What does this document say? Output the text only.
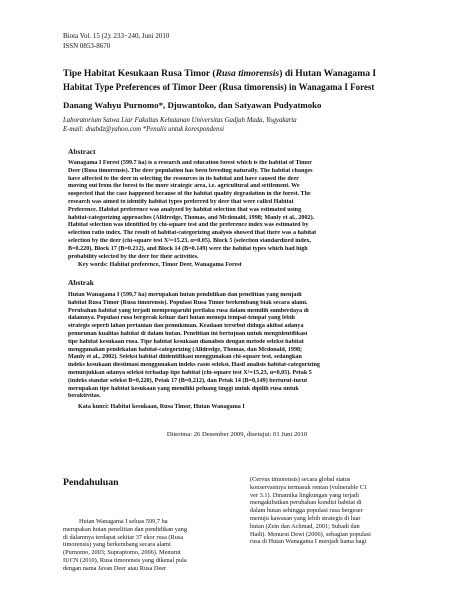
Biota Vol. 15 (2): 233−240, Juni 2010
ISSN 0853-8670
Tipe Habitat Kesukaan Rusa Timor (Rusa timorensis) di Hutan Wanagama I
Habitat Type Preferences of Timor Deer (Rusa timorensis) in Wanagama I Forest
Danang Wahyu Purnomo*, Djuwantoko, dan Satyawan Pudyatmoko
Laboratorium Satwa Liar Fakultas Kehutanan Universitas Gadjah Mada, Yogyakarta
E-mail: dnabdz@yahoo.com *Penulis untuk korespondensi
Abstract
Wanagama I Forest (599.7 ha) is a research and education forest which is the habitat of Timor
Deer (Rusa timorensis). The deer population has been breeding naturally. The habitat changes
have affected to the deer in selecting the resources in its habitat and have caused the deer
moving out from the forest to the more strategic area, i.e. agricultural and settlement. We
suspected that the case happened because of the habitat quality degradation in the forest. The
research was aimed to identify habitat types preferred by deer that were called Habitat
Preference. Habitat preference was analyzed by habitat selection that was estimated using
habitat-categorizing approaches (Alldredge, Thomas, and Mcdonald, 1998; Manly et al., 2002).
Habitat selection was identified by chi-square test and the preference index was estimated by
selection ratio index. The result of habitat-categorizing analysis showed that there was a habitat
selection by the deer (chi-square test X²=15.23, α=0.05). Block 5 (selection standardized index,
B=0.220), Block 17 (B=0.212), and Block 14 (B=0.149) were the habitat types which had high
probability selected by the deer for their activities.
Key words: Habitat preference, Timor Deer, Wanagama Forest
Abstrak
Hutan Wanagama I (599,7 ha) merupakan hutan pendidikan dan penelitian yang menjadi
habitat Rusa Timor (Rusa timorensis). Populasi Rusa Timor berkembang biak secara alami.
Perubahan habitat yang terjadi mempengaruhi perilaku rusa dalam memilih sumberdaya di
dalamnya. Populasi rusa bergerak keluar dari hutan menuju tempat-tempat yang lebih
strategis seperti lahan pertanian dan pemukiman. Keadaan tersebut diduga akibat adanya
penurunan kualitas habitat di dalam hutan. Penelitian ini bertujuan untuk mengidentifikasi
tipe habitat kesukaan rusa. Tipe habitat kesukaan dianalisis dengan metode seleksi habitat
menggunakan pendekatan habitat-categorizing (Alldredge, Thomas, dan Mcdonald, 1998;
Manly et al., 2002). Seleksi habitat diidentifikasi menggunakan chi-square test, sedangkan
indeks kesukaan diestimasi menggunakan indeks rasio seleksi. Hasil analisis habitat-categorizing
menunjukkan adanya seleksi terhadap tipe habitat (chi-square test X²=15,23, α=0,05). Petak 5
(indeks standar seleksi B=0,220), Petak 17 (B=0,212), dan Petak 14 (B=0,149) berturut-turut
merupakan tipe habitat kesukaan yang memiliki peluang tinggi untuk dipilih rusa untuk
beraktivitas.
Kata kunci: Habitat kesukaan, Rusa Timor, Hutan Wanagama I
Diterima: 26 Desember 2009, disetujui: 01 Juni 2010
Pendahuluan
Hutan Wanagama I seluas 599,7 ha
merupakan hutan penelitian dan pendidikan yang
di dalamnya terdapat sekitar 37 ekor rusa (Rusa
timorensis) yang berkembang secara alami
(Purnomo, 2003; Supraptomo, 2006). Menurut
IUCN (2010), Rusa timorensis yang dikenal pula
dengan nama Javan Deer atau Rusa Deer
(Cervus timorensis) secara global status
konservasinya termasuk rentan (vulnerable C1
ver 3.1). Dinamika lingkungan yang terjadi
mengakibatkan perubahan kondisi habitat di
dalam hutan sehingga populasi rusa bergeser
menuju kawasan yang lebih strategis di luar
hutan (Zein dan Achmad, 2001; Subadi dan
Hadi). Menurut Dewi (2006), sebagian populasi
rusa di Hutan Wanagama I menjadi hama bagi
